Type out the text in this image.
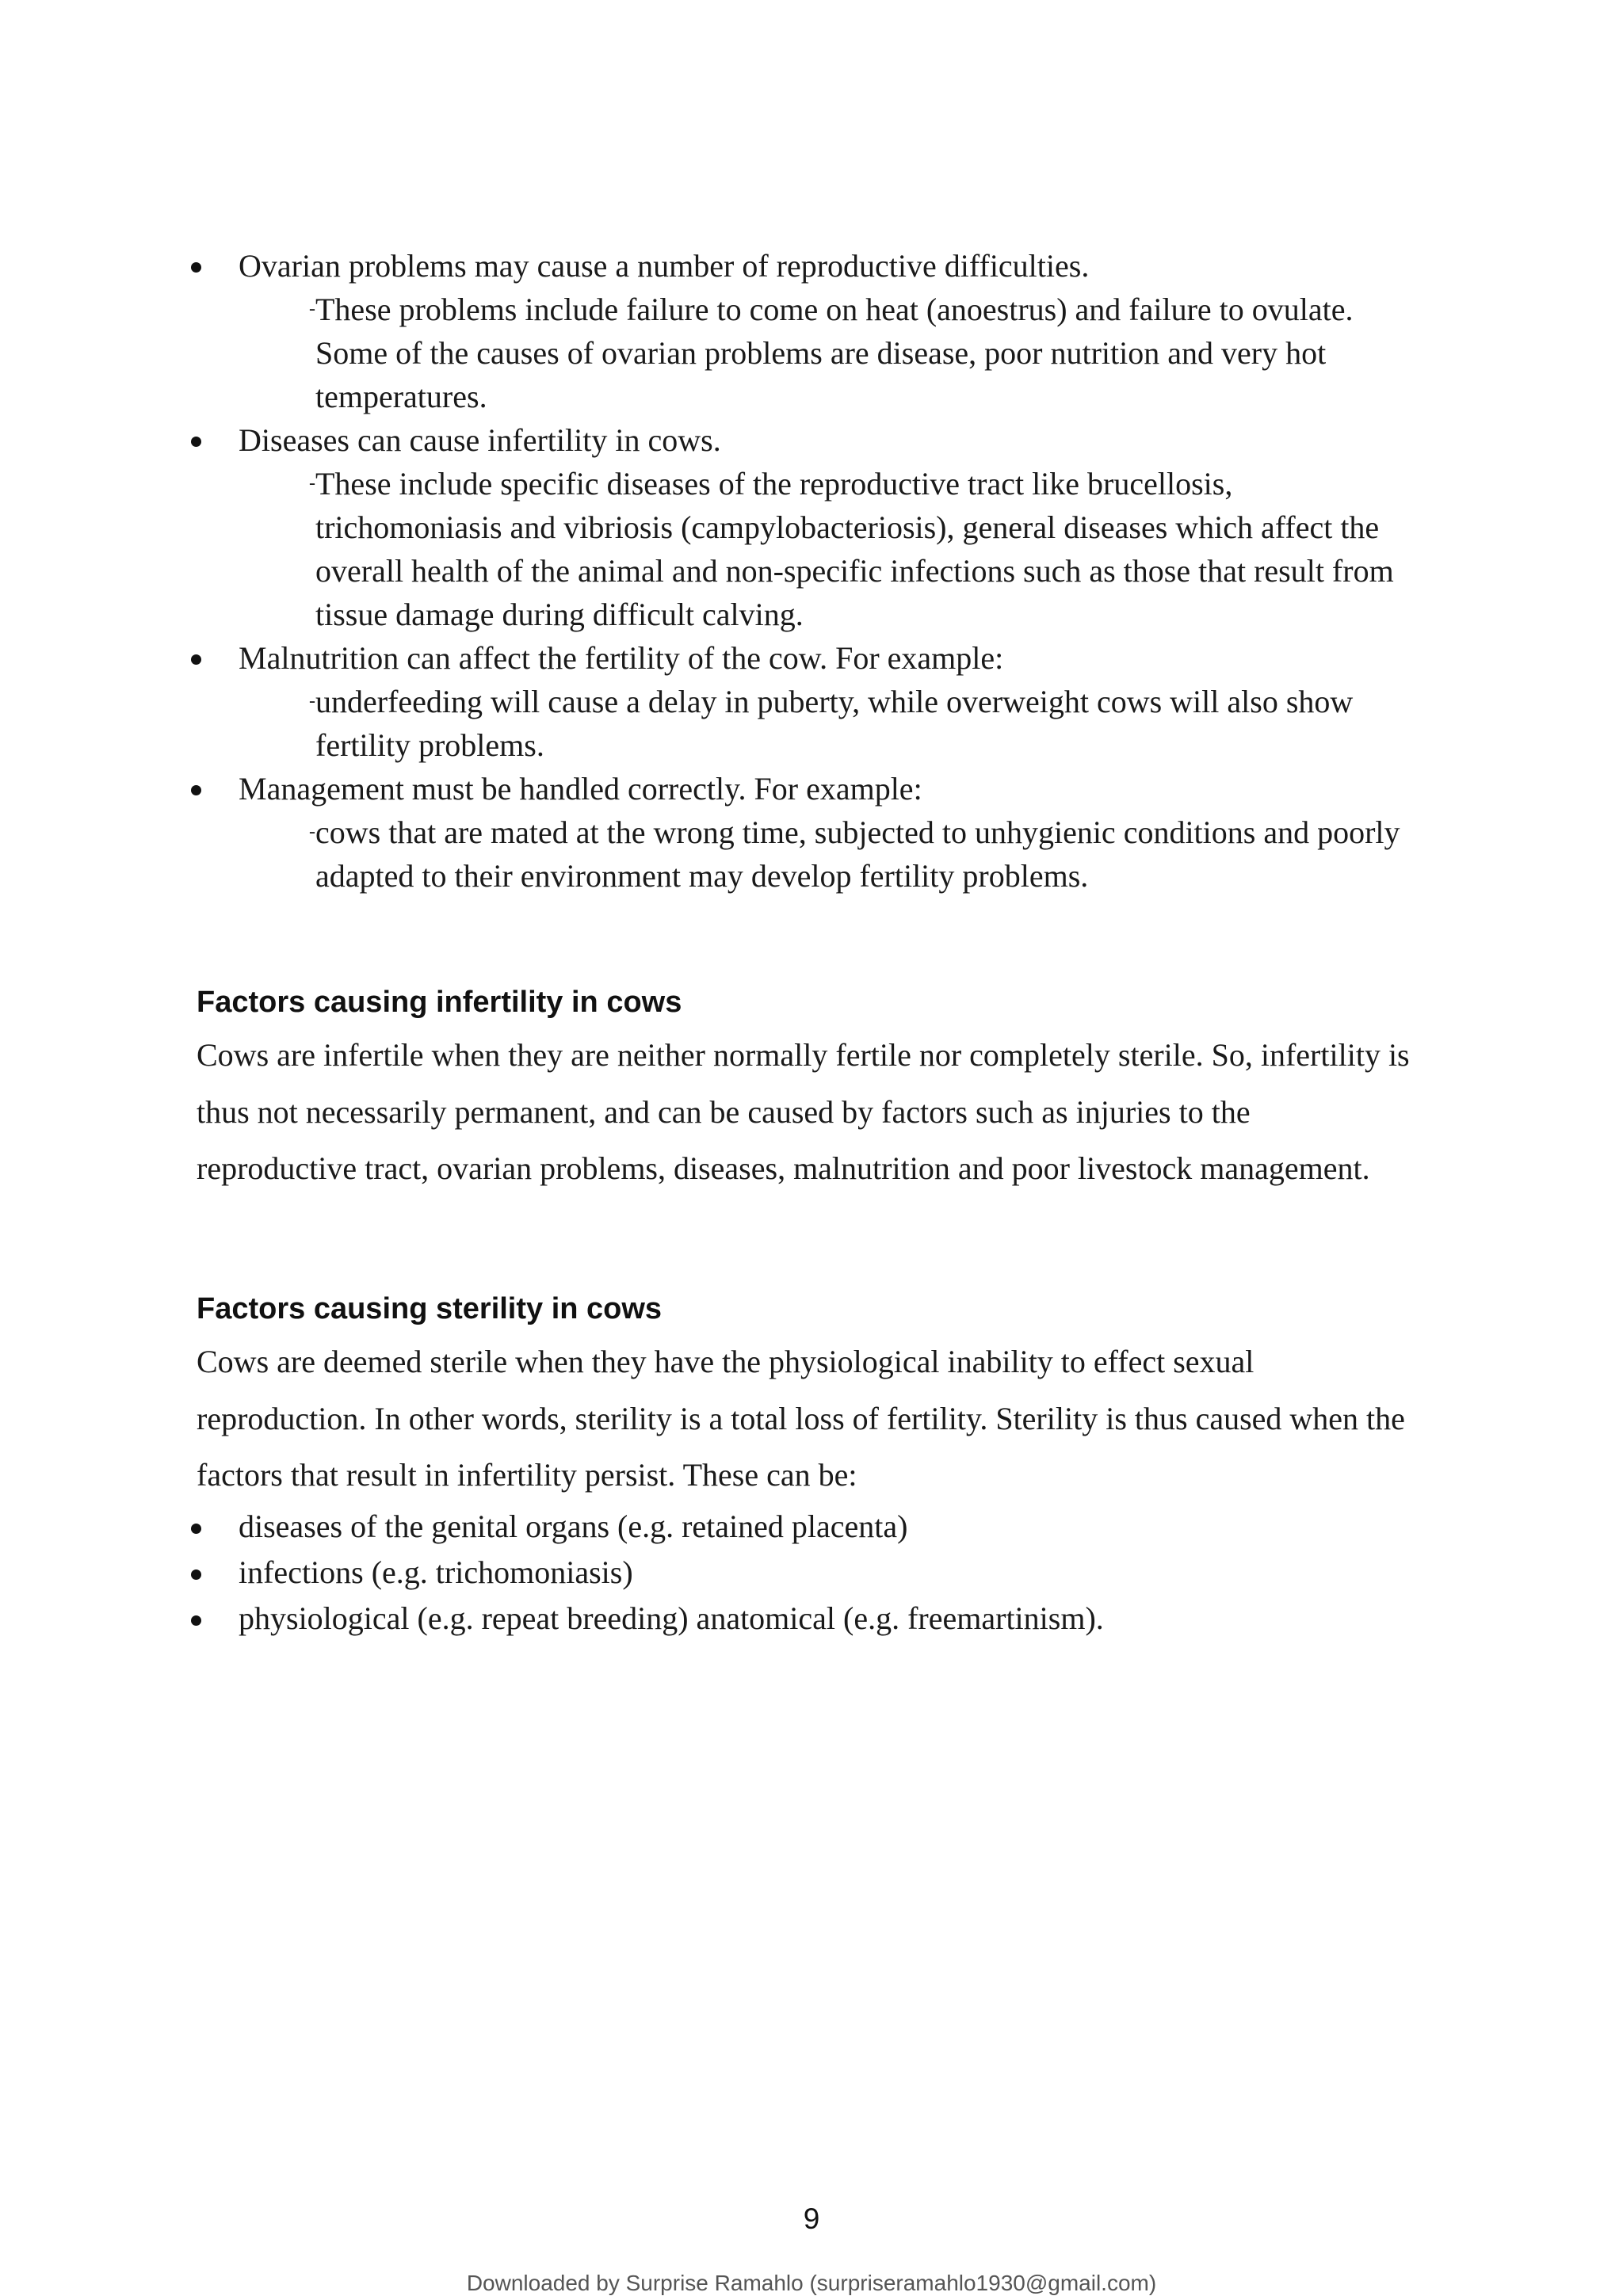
Ovarian problems may cause a number of reproductive difficulties.
- These problems include failure to come on heat (anoestrus) and failure to ovulate. Some of the causes of ovarian problems are disease, poor nutrition and very hot temperatures.
Diseases can cause infertility in cows.
- These include specific diseases of the reproductive tract like brucellosis, trichomoniasis and vibriosis (campylobacteriosis), general diseases which affect the overall health of the animal and non-specific infections such as those that result from tissue damage during difficult calving.
Malnutrition can affect the fertility of the cow. For example:
- underfeeding will cause a delay in puberty, while overweight cows will also show fertility problems.
Management must be handled correctly. For example:
- cows that are mated at the wrong time, subjected to unhygienic conditions and poorly adapted to their environment may develop fertility problems.
Factors causing infertility in cows

Cows are infertile when they are neither normally fertile nor completely sterile. So, infertility is thus not necessarily permanent, and can be caused by factors such as injuries to the reproductive tract, ovarian problems, diseases, malnutrition and poor livestock management.

Factors causing sterility in cows

Cows are deemed sterile when they have the physiological inability to effect sexual reproduction. In other words, sterility is a total loss of fertility. Sterility is thus caused when the factors that result in infertility persist. These can be:

diseases of the genital organs (e.g. retained placenta)
infections (e.g. trichomoniasis)
physiological (e.g. repeat breeding) anatomical (e.g. freemartinism).
9
Downloaded by Surprise Ramahlo (surpriseramahlo1930@gmail.com)
